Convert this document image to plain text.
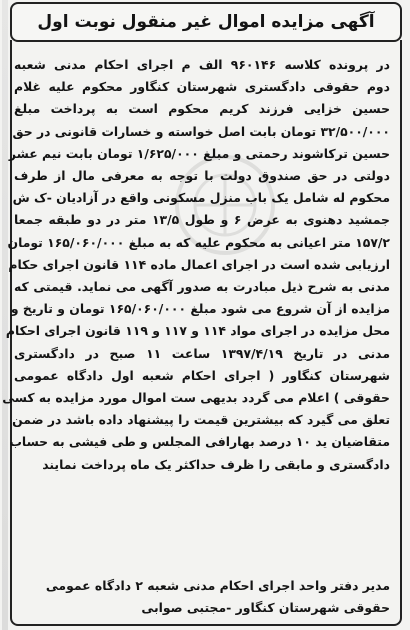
آگهی مزایده اموال غیر منقول نوبت اول
در پرونده کلاسه ۹۶۰۱۴۶ الف م اجرای احکام مدنی شعبه
دوم حقوقی دادگستری شهرستان کنگاور محکوم علیه غلام
حسین خزایی فرزند کریم محکوم است به پرداخت مبلغ
۳۲/۵۰۰/۰۰۰ تومان بابت اصل خواسته و خسارات قانونی در حق
حسین ترکاشوند رحمتی و مبلغ ۱/۶۲۵/۰۰۰ تومان بابت نیم عشر
دولتی در حق صندوق دولت با توجه به معرفی مال از طرف
محکوم له شامل یک باب منزل مسکونی واقع در آزادیان -ک ش
جمشید دهنوی به عرض ۶ و طول ۱۳/۵ متر در دو طبقه جمعا
۱۵۷/۲ متر اعیانی به محکوم علیه که به مبلغ ۱۶۵/۰۶۰/۰۰۰ تومان
ارزیابی شده است در اجرای اعمال ماده ۱۱۴ قانون اجرای حکام
مدنی به شرح ذیل مبادرت به صدور آگهی می نماید. قیمتی که
مزایده از آن شروع می شود مبلغ ۱۶۵/۰۶۰/۰۰۰ تومان و تاریخ و
محل مزایده در اجرای مواد ۱۱۴ و ۱۱۷ و ۱۱۹ قانون اجرای احکام
مدنی در تاریخ ۱۳۹۷/۴/۱۹ ساعت ۱۱ صبح در دادگستری
شهرستان کنگاور ( اجرای احکام شعبه اول دادگاه عمومی
حقوقی ) اعلام می گردد بدیهی ست اموال مورد مزایده به کسی
تعلق می گیرد که بیشترین قیمت را پیشنهاد داده باشد در ضمن
متقاضیان ید ۱۰ درصد بهارافی المجلس و طی فیشی به حساب
دادگستری و مابقی را ظرف حداکثر یک ماه پرداخت نمایند
مدیر دفتر واحد اجرای احکام مدنی شعبه ۲ دادگاه عمومی
حقوقی شهرستان کنگاور -مجتبی صوابی
